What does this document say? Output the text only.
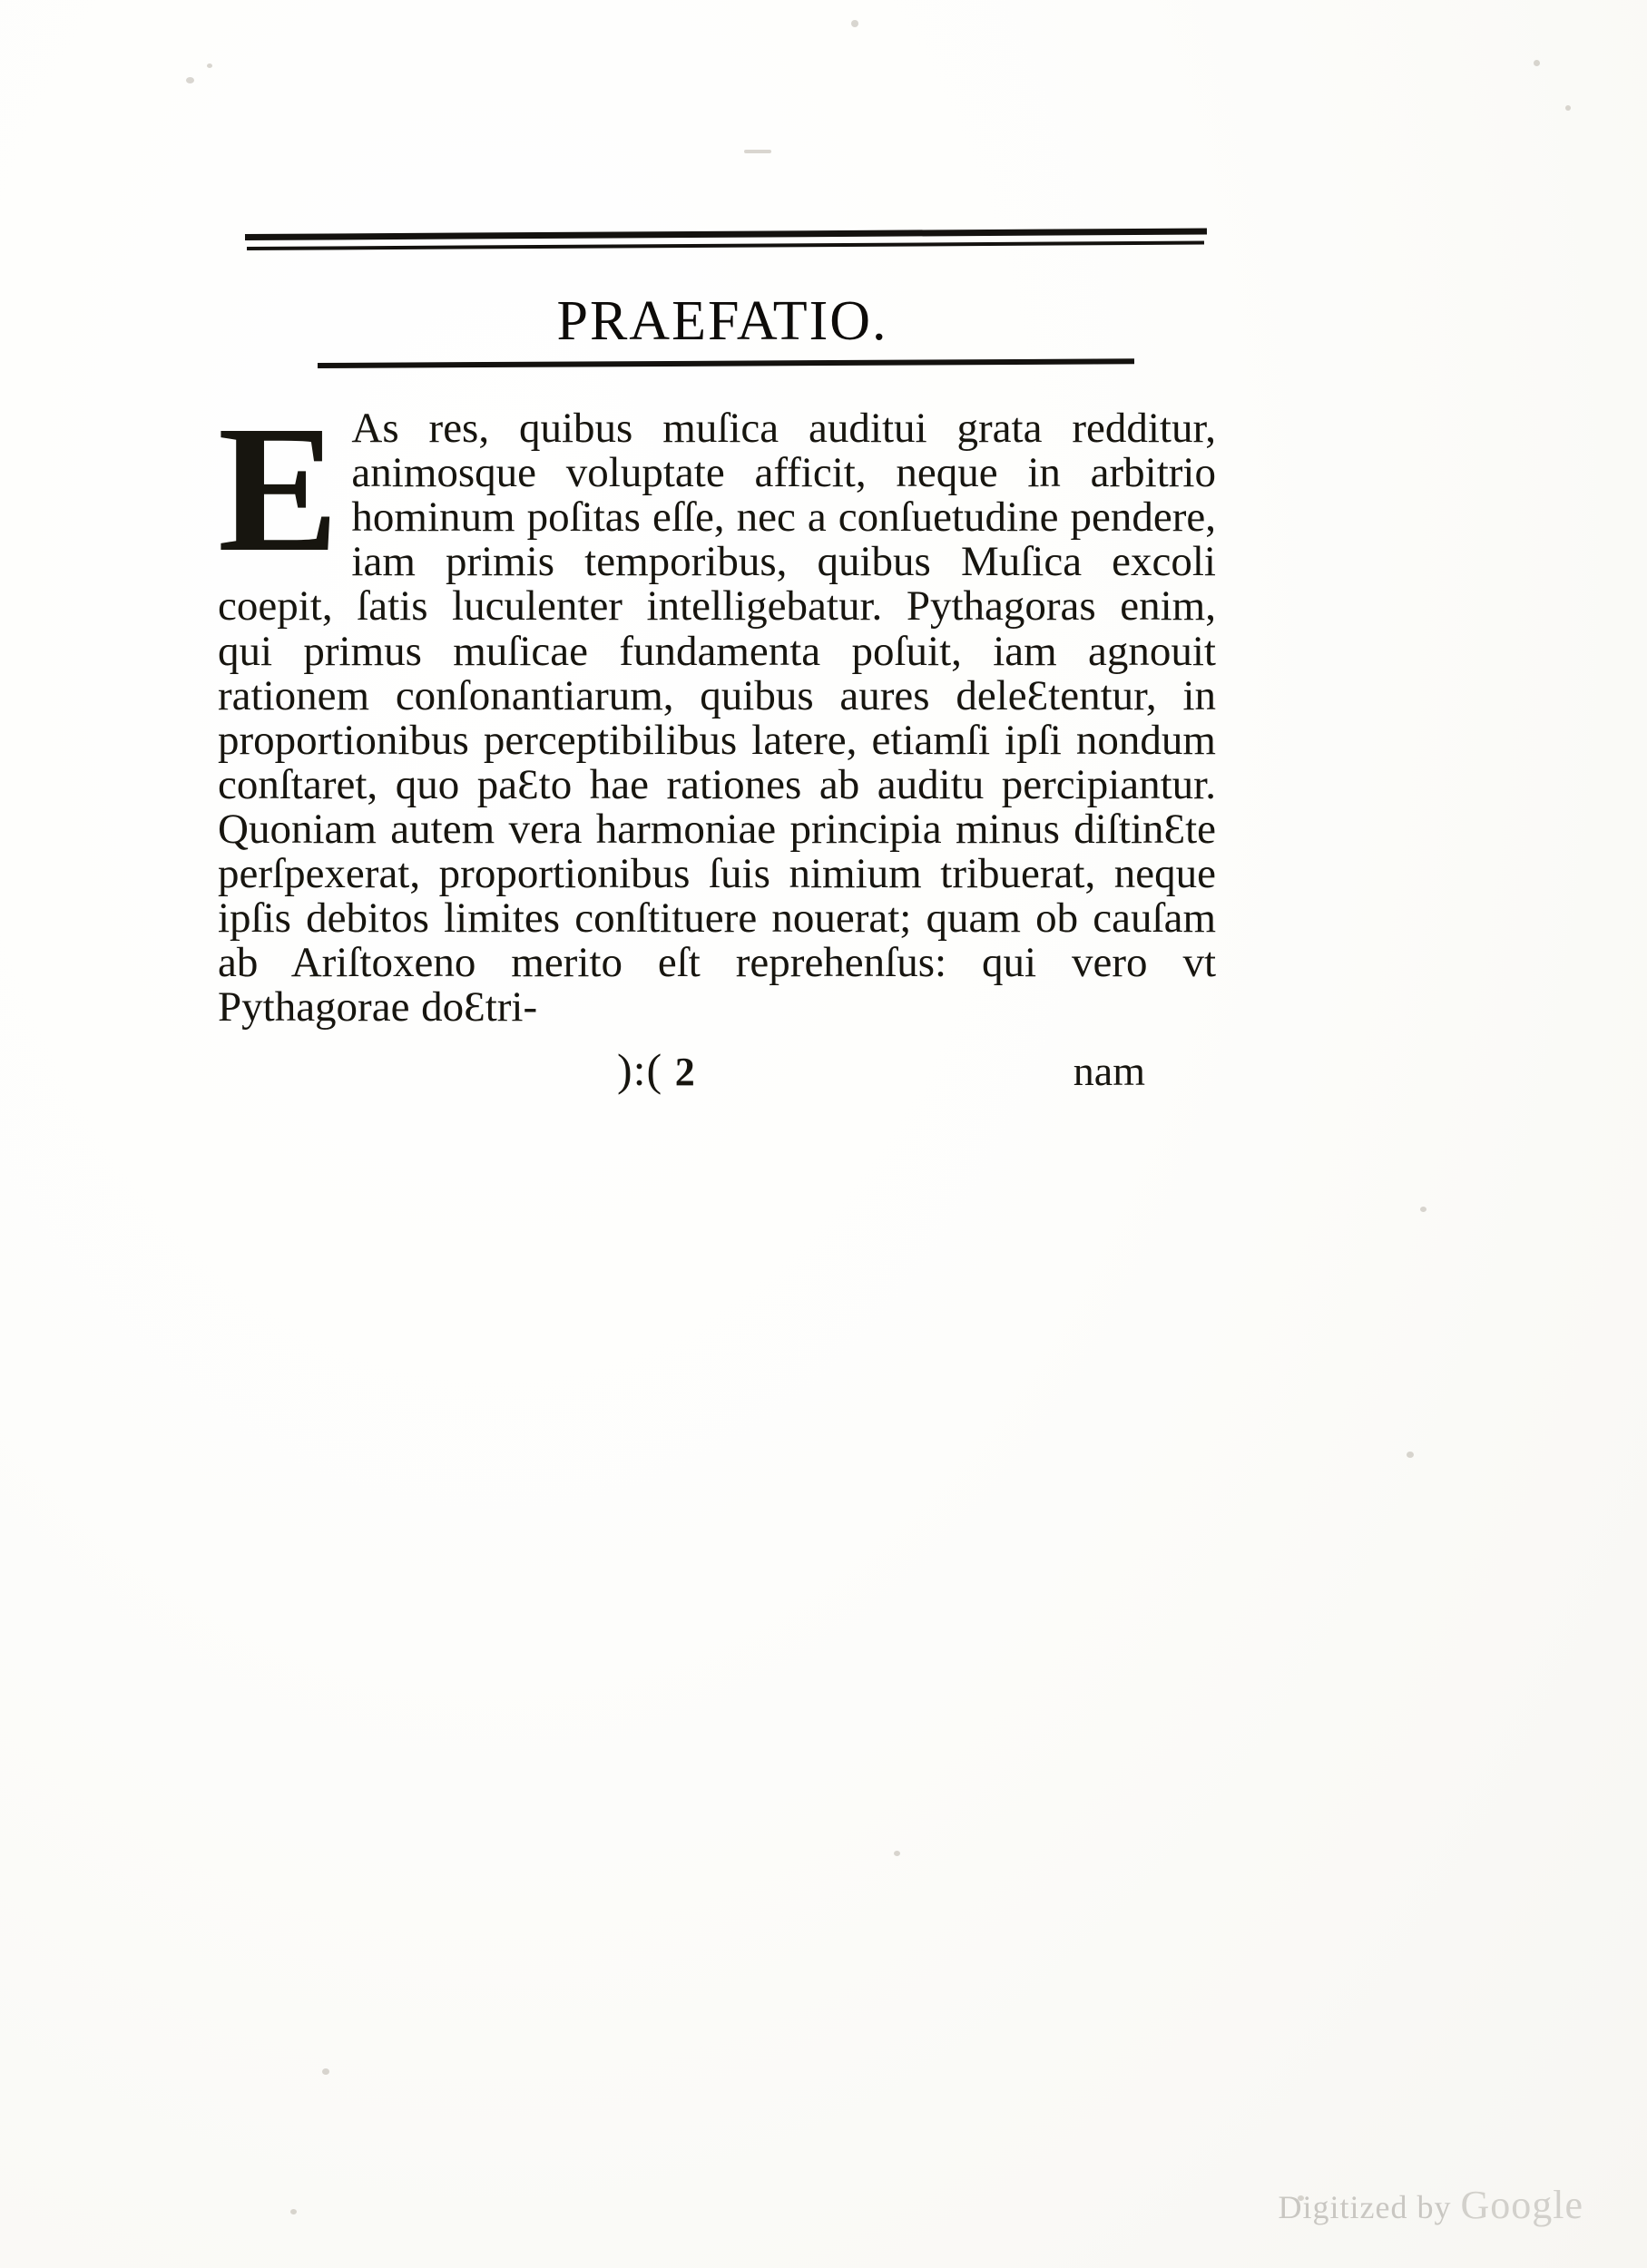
PRAEFATIO.
E As res, quibus muſica auditui grata redditur, animosque voluptate afficit, neque in arbitrio hominum poſitas eſſe, nec a conſuetudine pendere, iam primis temporibus, quibus Muſica excoli coepit, ſatis luculenter intelligebatur. Pythagoras enim, qui primus muſicae fundamenta poſuit, iam agnouit rationem conſonantiarum, quibus aures deleƐtentur, in proportionibus perceptibilibus latere, etiamſi ipſi nondum conſtaret, quo paƐto hae rationes ab auditu percipiantur. Quoniam autem vera harmoniae principia minus diſtinƐte perſpexerat, proportionibus ſuis nimium tribuerat, neque ipſis debitos limites conſtituere nouerat; quam ob cauſam ab Ariſtoxeno merito eſt reprehenſus: qui vero vt Pythagorae doƐtri-

):( 2	nam
Digitized by Google
